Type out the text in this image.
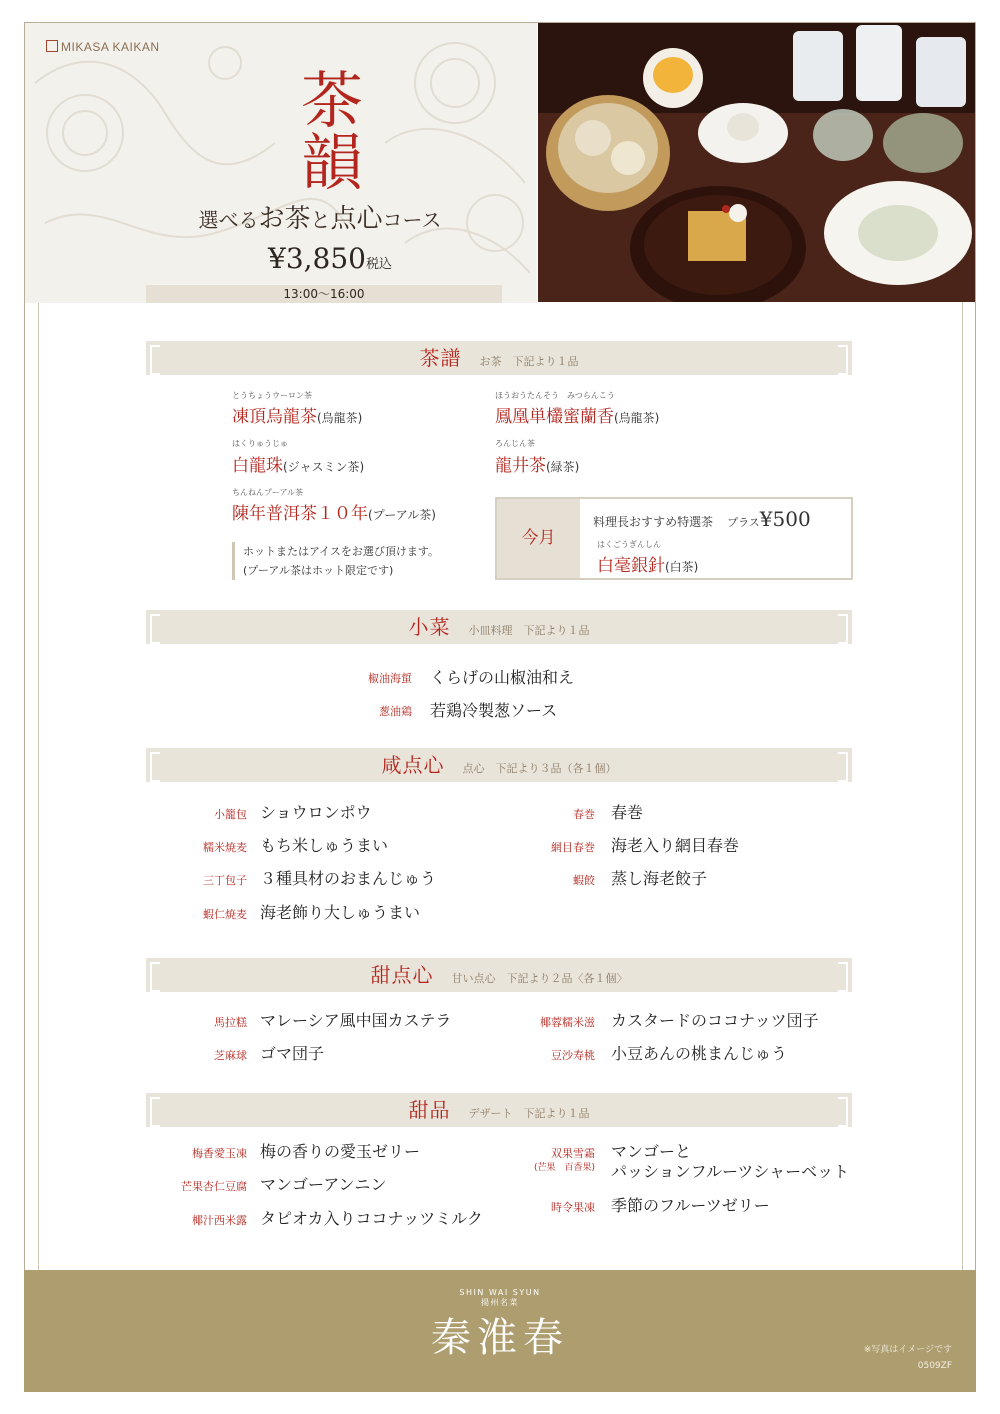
MIKASA KAIKAN
茶
韻
選べるお茶と点心コース
¥3,850税込
13:00～16:00
茶譜 お茶　下記より１品
とうちょうウーロン茶
凍頂烏龍茶(烏龍茶)
はくりゅうじゅ
白龍珠(ジャスミン茶)
ちんねんプーアル茶
陳年普洱茶１０年(プーアル茶)
ほうおうたんそう　みつらんこう
鳳凰単欉蜜蘭香(烏龍茶)
ろんじん茶
龍井茶(緑茶)
ホットまたはアイスをお選び頂けます。
(プーアル茶はホット限定です)
今月
料理長おすすめ特選茶 プラス¥500
はくごうぎんしん
白毫銀針(白茶)
小菜 小皿料理　下記より１品
椒油海蜇 くらげの山椒油和え
葱油鶏 若鶏冷製葱ソース
咸点心 点心　下記より３品（各１個）
小籠包 ショウロンポウ
糯米焼麦 もち米しゅうまい
三丁包子 ３種具材のおまんじゅう
蝦仁焼麦 海老飾り大しゅうまい
春巻 春巻
網目春巻 海老入り網目春巻
蝦餃 蒸し海老餃子
甜点心 甘い点心　下記より２品〈各１個〉
馬拉糕 マレーシア風中国カステラ
芝麻球 ゴマ団子
椰蓉糯米滋 カスタードのココナッツ団子
豆沙寿桃 小豆あんの桃まんじゅう
甜品 デザート　下記より１品
梅香愛玉凍 梅の香りの愛玉ゼリー
芒果杏仁豆腐 マンゴーアンニン
椰汁西米露 タピオカ入りココナッツミルク
双果雪霜
(芒果　百香果)
マンゴーと
パッションフルーツシャーベット
時令果凍 季節のフルーツゼリー
SHIN WAI SYUN
揚州名菜
秦淮春	※写真はイメージです
0509ZF
